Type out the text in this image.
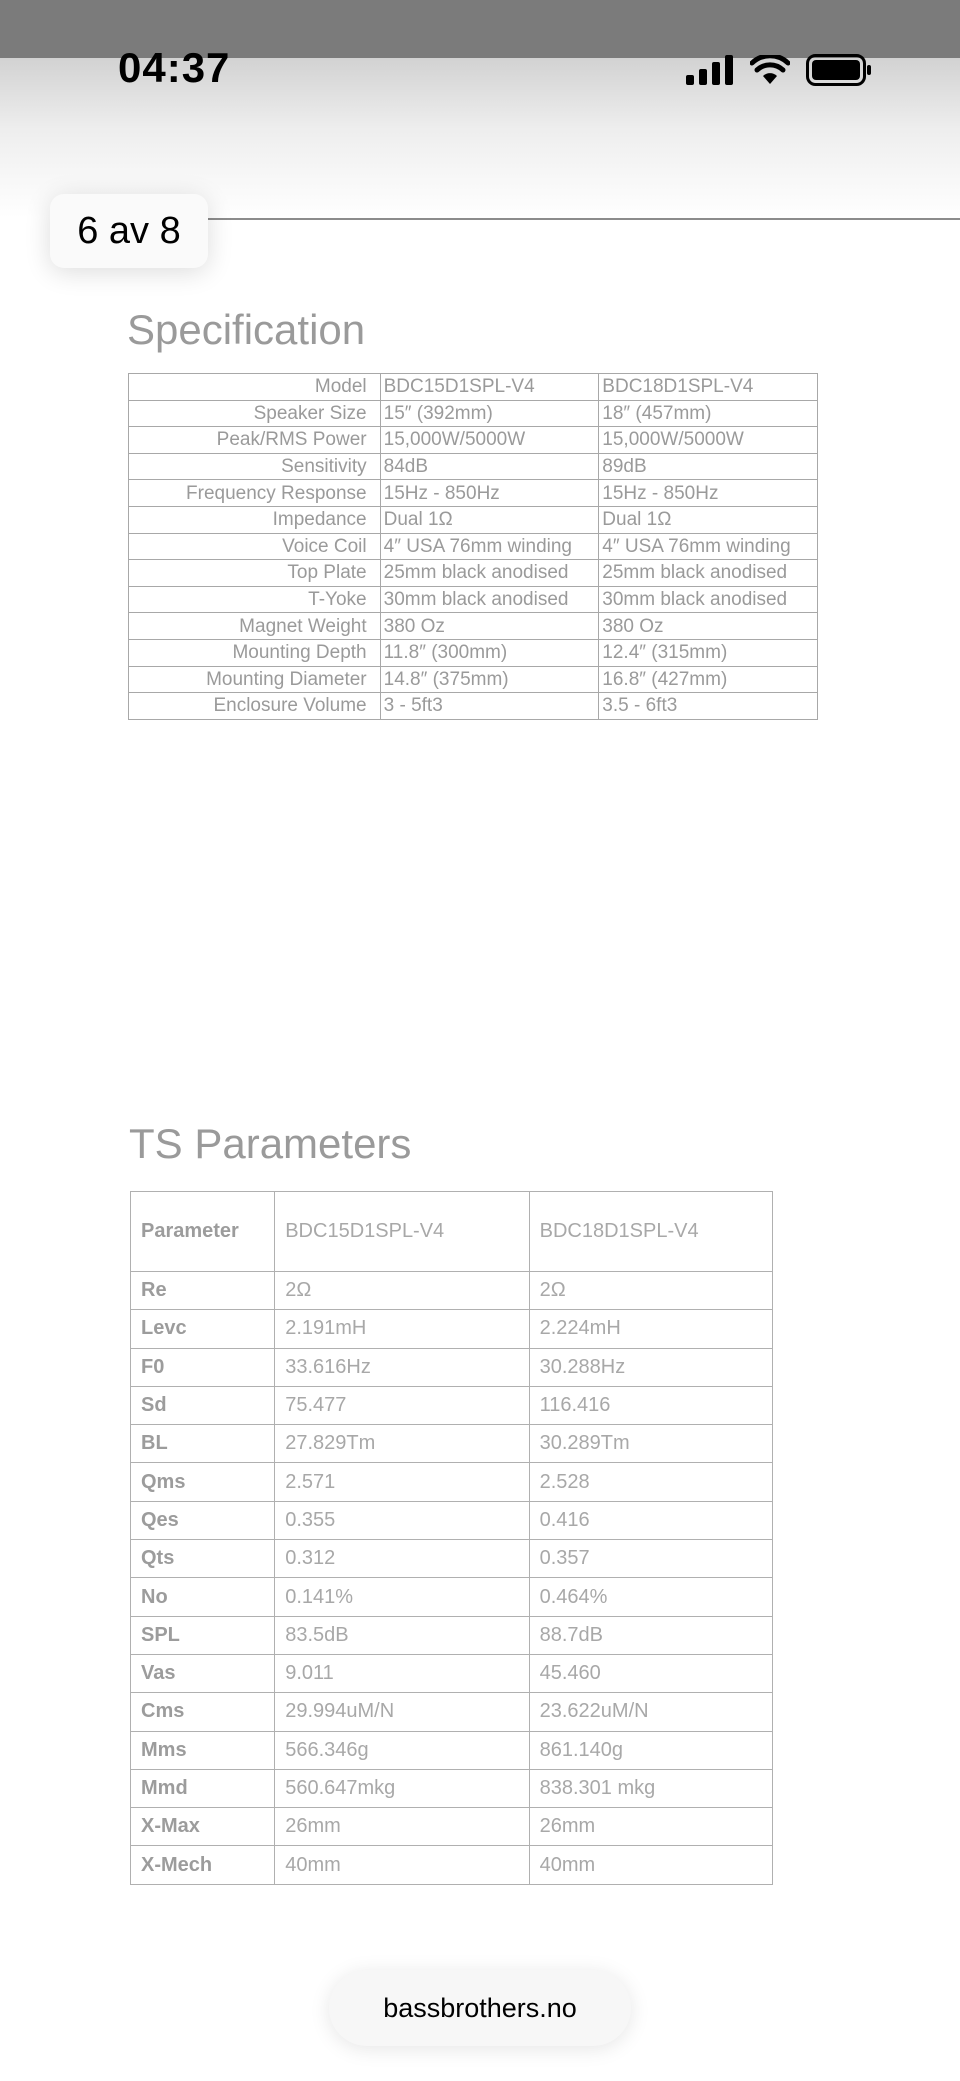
04:37
6 av 8
Specification
Model	BDC15D1SPL-V4	BDC18D1SPL-V4
Speaker Size	15″ (392mm)	18″ (457mm)
Peak/RMS Power	15,000W/5000W	15,000W/5000W
Sensitivity	84dB	89dB
Frequency Response	15Hz - 850Hz	15Hz - 850Hz
Impedance	Dual 1Ω	Dual 1Ω
Voice Coil	4″ USA 76mm winding	4″ USA 76mm winding
Top Plate	25mm black anodised	25mm black anodised
T-Yoke	30mm black anodised	30mm black anodised
Magnet Weight	380 Oz	380 Oz
Mounting Depth	11.8″ (300mm)	12.4″ (315mm)
Mounting Diameter	14.8″ (375mm)	16.8″ (427mm)
Enclosure Volume	3 - 5ft3	3.5 - 6ft3
TS Parameters
Parameter	BDC15D1SPL-V4	BDC18D1SPL-V4
Re	2Ω	2Ω
Levc	2.191mH	2.224mH
F0	33.616Hz	30.288Hz
Sd	75.477	116.416
BL	27.829Tm	30.289Tm
Qms	2.571	2.528
Qes	0.355	0.416
Qts	0.312	0.357
No	0.141%	0.464%
SPL	83.5dB	88.7dB
Vas	9.011	45.460
Cms	29.994uM/N	23.622uM/N
Mms	566.346g	861.140g
Mmd	560.647mkg	838.301 mkg
X-Max	26mm	26mm
X-Mech	40mm	40mm
bassbrothers.no
